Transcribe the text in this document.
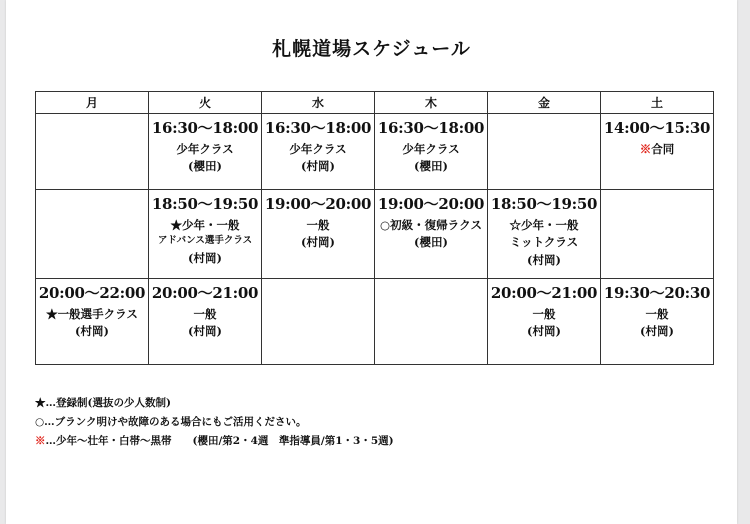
札幌道場スケジュール
月	火	水	木	金	土

	16:30～18:00
少年クラス
(櫻田)	16:30～18:00
少年クラス
(村岡)	16:30～18:00
少年クラス
(櫻田)		14:00～15:30
※合同

	18:50～19:50
★少年・一般
アドバンス選手クラス
(村岡)	19:00～20:00
一般
(村岡)	19:00～20:00
○初級・復帰ラクス
(櫻田)	18:50～19:50
☆少年・一般
ミットクラス
(村岡)	

20:00～22:00
★一般選手クラス
(村岡)	20:00～21:00
一般
(村岡)			20:00～21:00
一般
(村岡)	19:30～20:30
一般
(村岡)
★…登録制(選抜の少人数制)
○…ブランク明けや故障のある場合にもご活用ください。
※…少年～壮年・白帯～黒帯　　(櫻田/第2・4週　準指導員/第1・3・5週)
